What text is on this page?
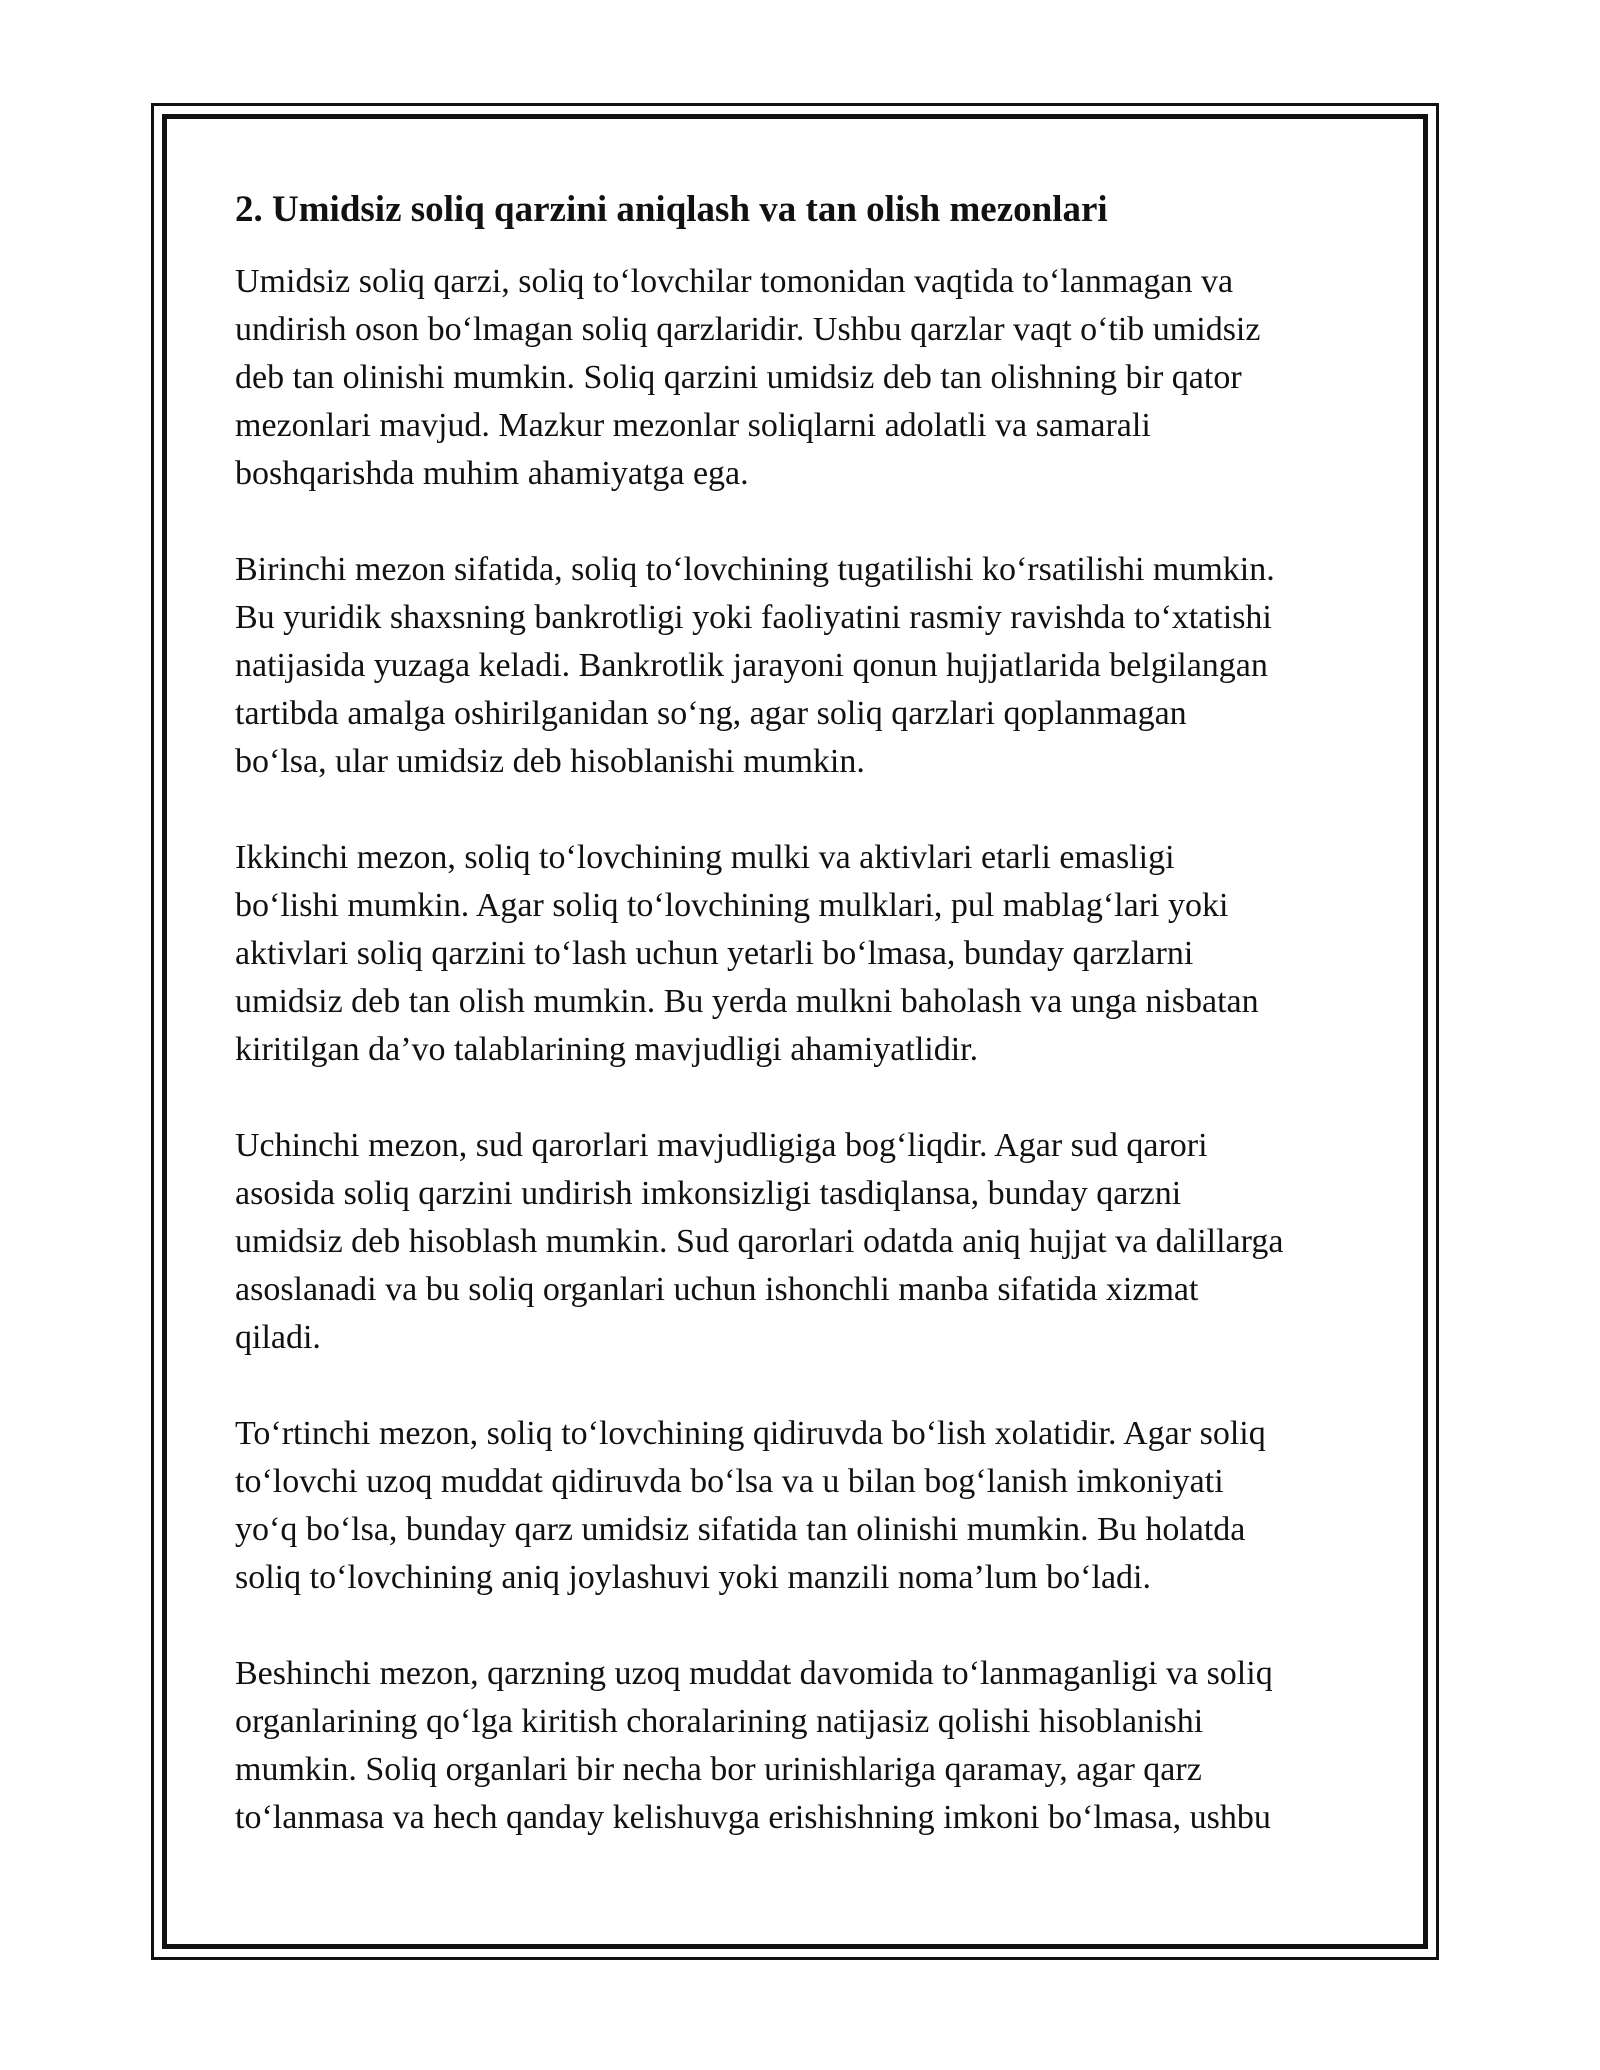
2. Umidsiz soliq qarzini aniqlash va tan olish mezonlari
Umidsiz soliq qarzi, soliq to‘lovchilar tomonidan vaqtida to‘lanmagan va
undirish oson bo‘lmagan soliq qarzlaridir. Ushbu qarzlar vaqt o‘tib umidsiz
deb tan olinishi mumkin. Soliq qarzini umidsiz deb tan olishning bir qator
mezonlari mavjud. Mazkur mezonlar soliqlarni adolatli va samarali
boshqarishda muhim ahamiyatga ega.
Birinchi mezon sifatida, soliq to‘lovchining tugatilishi ko‘rsatilishi mumkin.
Bu yuridik shaxsning bankrotligi yoki faoliyatini rasmiy ravishda to‘xtatishi
natijasida yuzaga keladi. Bankrotlik jarayoni qonun hujjatlarida belgilangan
tartibda amalga oshirilganidan so‘ng, agar soliq qarzlari qoplanmagan
bo‘lsa, ular umidsiz deb hisoblanishi mumkin.
Ikkinchi mezon, soliq to‘lovchining mulki va aktivlari etarli emasligi
bo‘lishi mumkin. Agar soliq to‘lovchining mulklari, pul mablag‘lari yoki
aktivlari soliq qarzini to‘lash uchun yetarli bo‘lmasa, bunday qarzlarni
umidsiz deb tan olish mumkin. Bu yerda mulkni baholash va unga nisbatan
kiritilgan da’vo talablarining mavjudligi ahamiyatlidir.
Uchinchi mezon, sud qarorlari mavjudligiga bog‘liqdir. Agar sud qarori
asosida soliq qarzini undirish imkonsizligi tasdiqlansa, bunday qarzni
umidsiz deb hisoblash mumkin. Sud qarorlari odatda aniq hujjat va dalillarga
asoslanadi va bu soliq organlari uchun ishonchli manba sifatida xizmat
qiladi.
To‘rtinchi mezon, soliq to‘lovchining qidiruvda bo‘lish xolatidir. Agar soliq
to‘lovchi uzoq muddat qidiruvda bo‘lsa va u bilan bog‘lanish imkoniyati
yo‘q bo‘lsa, bunday qarz umidsiz sifatida tan olinishi mumkin. Bu holatda
soliq to‘lovchining aniq joylashuvi yoki manzili noma’lum bo‘ladi.
Beshinchi mezon, qarzning uzoq muddat davomida to‘lanmaganligi va soliq
organlarining qo‘lga kiritish choralarining natijasiz qolishi hisoblanishi
mumkin. Soliq organlari bir necha bor urinishlariga qaramay, agar qarz
to‘lanmasa va hech qanday kelishuvga erishishning imkoni bo‘lmasa, ushbu
